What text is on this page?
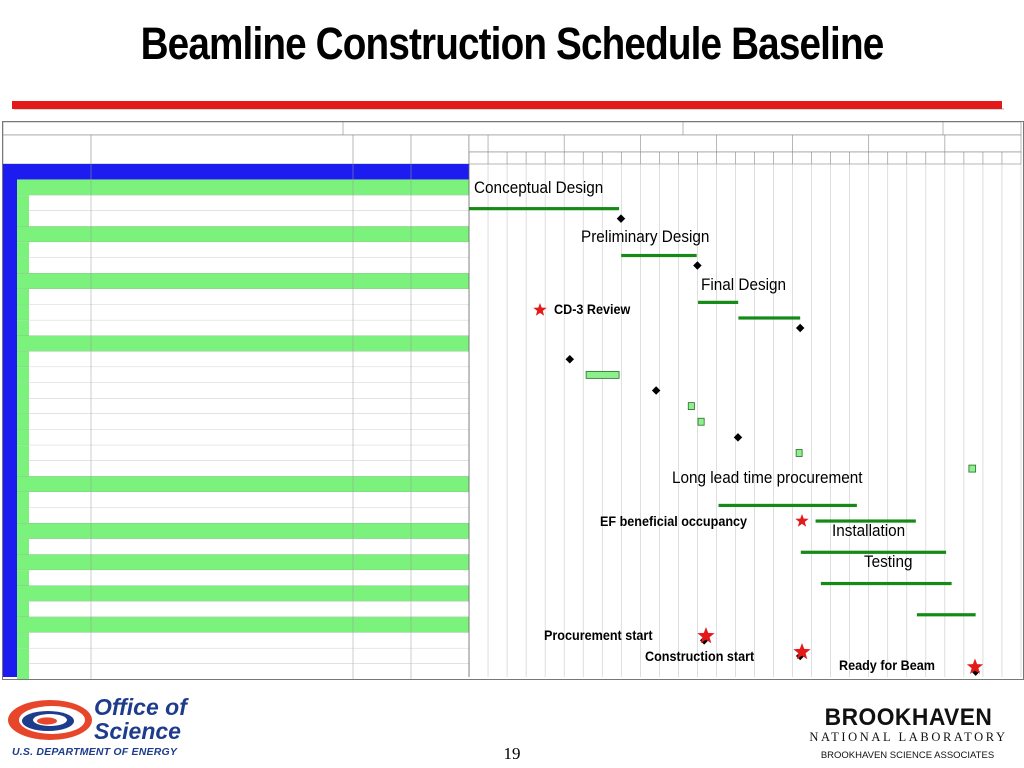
Beamline Construction Schedule Baseline
Conceptual Design
Preliminary Design
Final Design
CD-3 Review
Long lead time procurement
EF beneficial occupancy	Installation
Testing
Procurement start
Construction start
Ready for Beam
Office of
Science
U.S. DEPARTMENT OF ENERGY	19
BROOKHAVEN
NATIONAL LABORATORY
BROOKHAVEN SCIENCE ASSOCIATES
